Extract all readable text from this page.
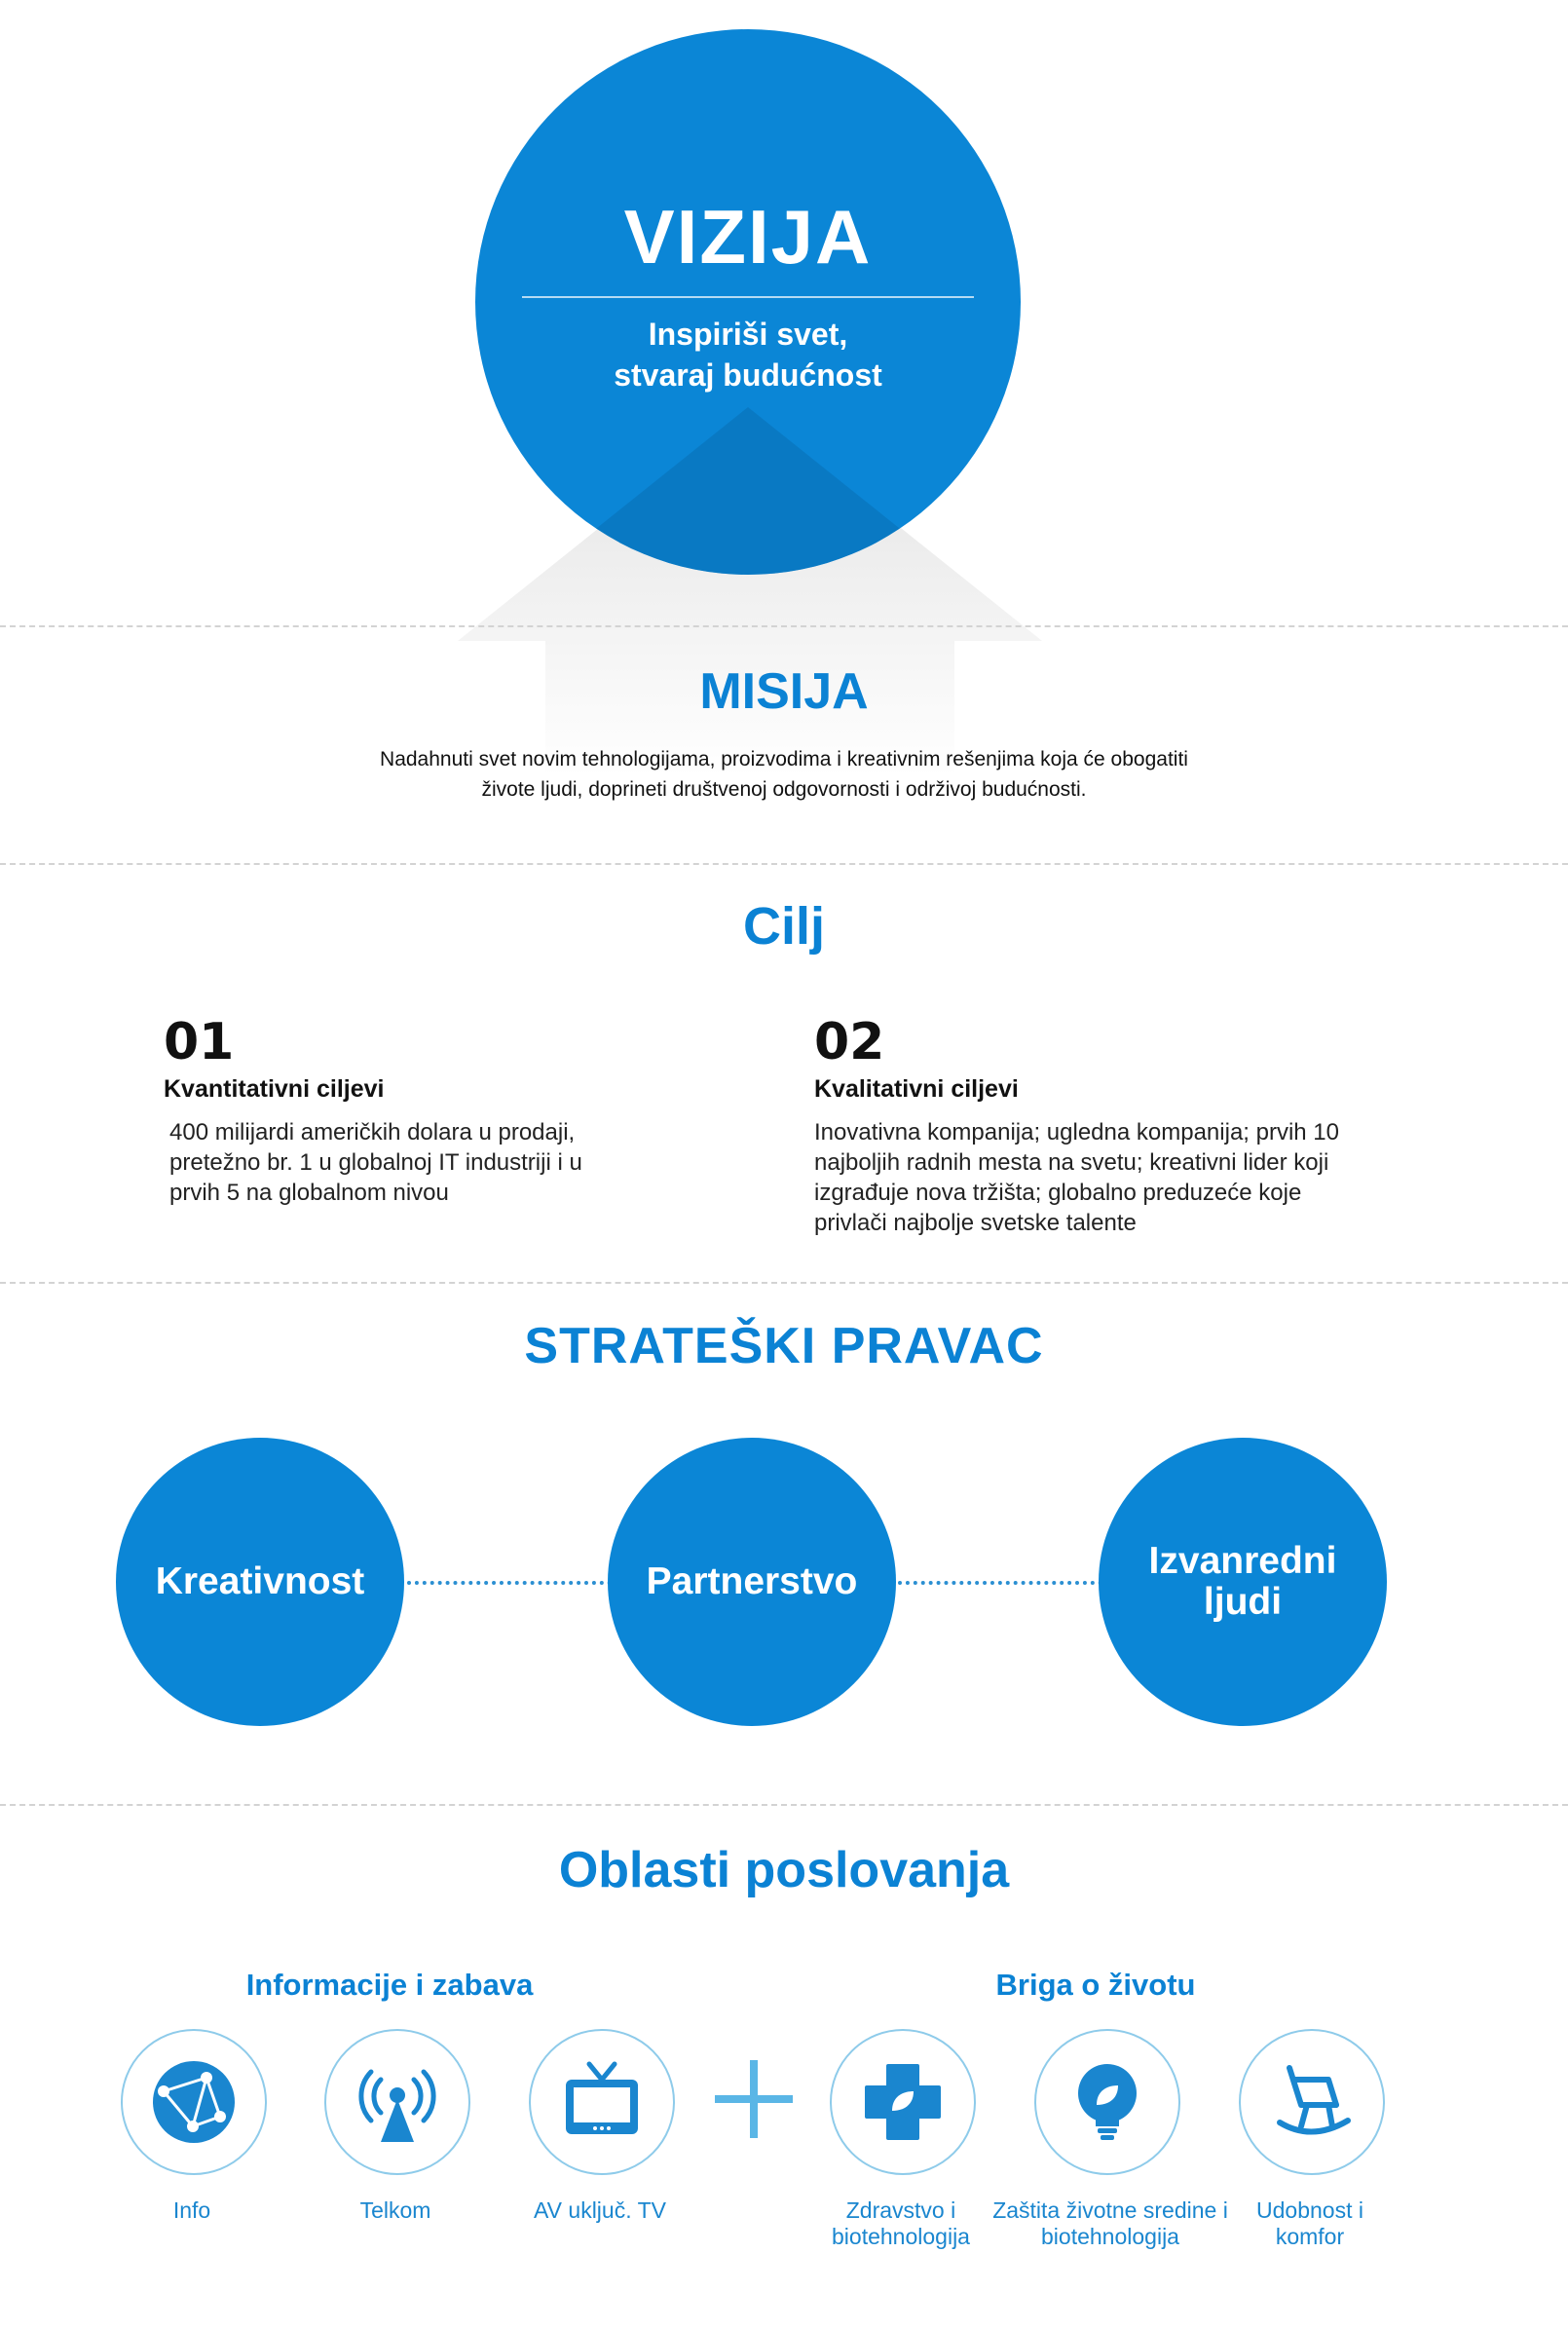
VIZIJA
Inspiriši svet,
stvaraj budućnost
MISIJA
Nadahnuti svet novim tehnologijama, proizvodima i kreativnim rešenjima koja će obogatiti
živote ljudi, doprineti društvenoj odgovornosti i održivoj budućnosti.
Cilj
01
Kvantitativni ciljevi
400 milijardi američkih dolara u prodaji,
pretežno br. 1 u globalnoj IT industriji i u
prvih 5 na globalnom nivou
02
Kvalitativni ciljevi
Inovativna kompanija; ugledna kompanija; prvih 10
najboljih radnih mesta na svetu; kreativni lider koji
izgrađuje nova tržišta; globalno preduzeće koje
privlači najbolje svetske talente
STRATEŠKI PRAVAC
Kreativnost	Partnerstvo	Izvanredni
ljudi
Oblasti poslovanja
Informacije i zabava	Briga o životu
Info	Telkom	AV uključ. TV	Zdravstvo i
biotehnologija
Zaštita životne sredine i
biotehnologija
Udobnost i
komfor
